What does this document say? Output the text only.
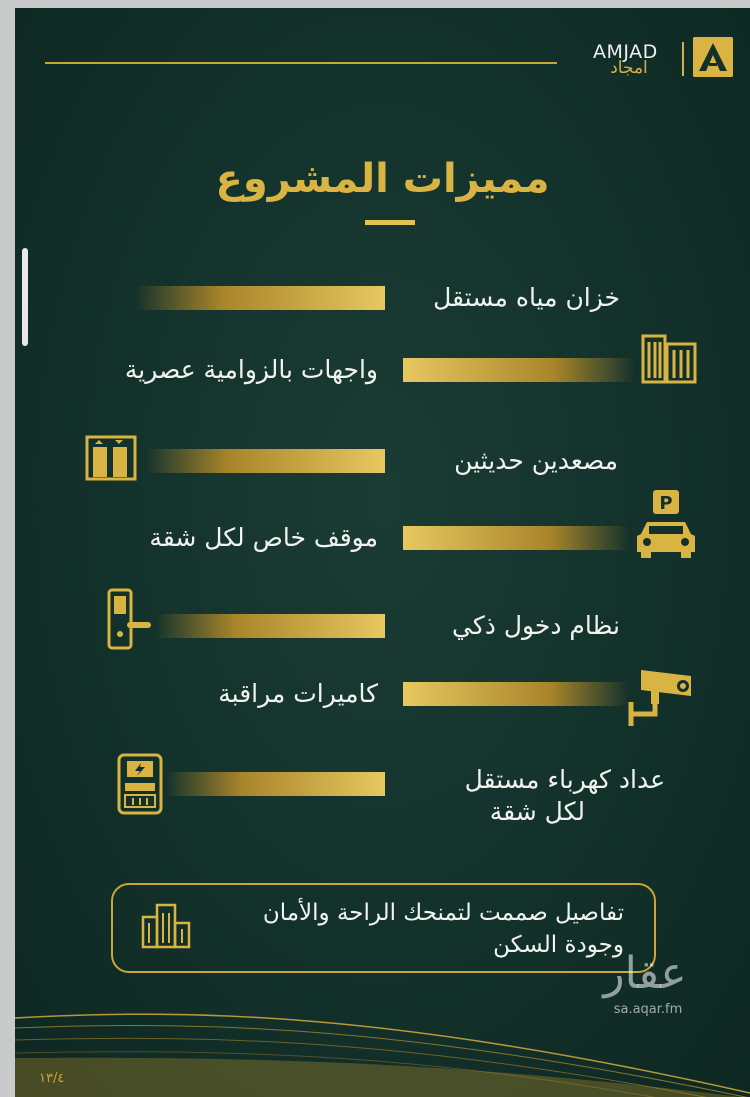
AMJAD
امجاد
مميزات المشروع
خزان مياه مستقل
واجهات بالزوامية عصرية
مصعدين حديثين
P
موقف خاص لكل شقة
نظام دخول ذكي
كاميرات مراقبة
عداد كهرباء مستقل
لكل شقة
تفاصيل صممت لتمنحك الراحة والأمان
وجودة السكن
عقار
sa.aqar.fm
١٣/٤
